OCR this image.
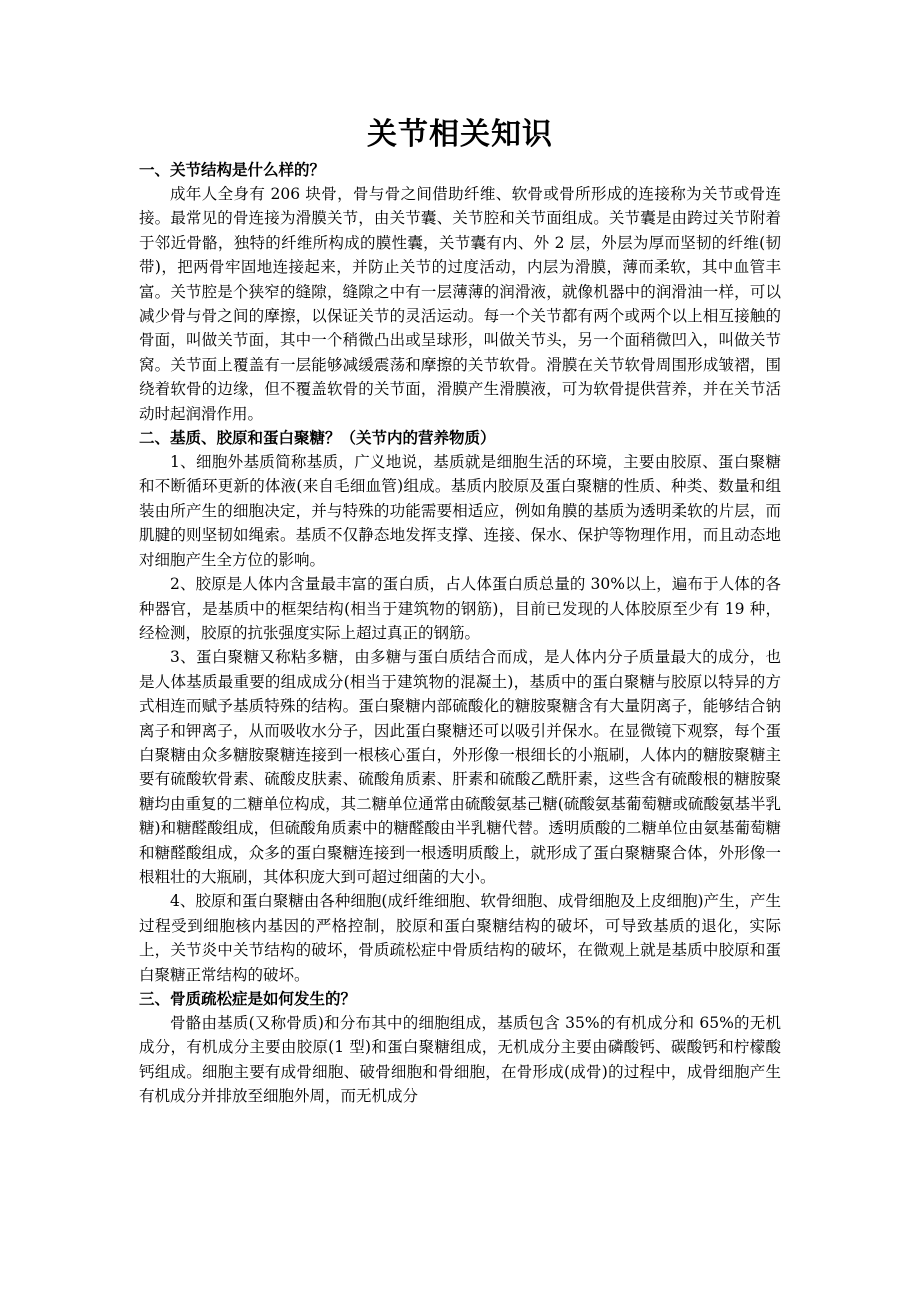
关节相关知识

一、关节结构是什么样的？

成年人全身有 206 块骨，骨与骨之间借助纤维、软骨或骨所形成的连接称为关节或骨连接。最常见的骨连接为滑膜关节，由关节囊、关节腔和关节面组成。关节囊是由跨过关节附着于邻近骨骼，独特的纤维所构成的膜性囊，关节囊有内、外 2 层，外层为厚而坚韧的纤维(韧带)，把两骨牢固地连接起来，并防止关节的过度活动，内层为滑膜，薄而柔软，其中血管丰富。关节腔是个狭窄的缝隙，缝隙之中有一层薄薄的润滑液，就像机器中的润滑油一样，可以减少骨与骨之间的摩擦，以保证关节的灵活运动。每一个关节都有两个或两个以上相互接触的骨面，叫做关节面，其中一个稍微凸出或呈球形，叫做关节头，另一个面稍微凹入，叫做关节窝。关节面上覆盖有一层能够减缓震荡和摩擦的关节软骨。滑膜在关节软骨周围形成皱褶，围绕着软骨的边缘，但不覆盖软骨的关节面，滑膜产生滑膜液，可为软骨提供营养，并在关节活动时起润滑作用。

二、基质、胶原和蛋白聚糖？（关节内的营养物质）

1、细胞外基质简称基质，广义地说，基质就是细胞生活的环境，主要由胶原、蛋白聚糖和不断循环更新的体液(来自毛细血管)组成。基质内胶原及蛋白聚糖的性质、种类、数量和组装由所产生的细胞决定，并与特殊的功能需要相适应，例如角膜的基质为透明柔软的片层，而肌腱的则坚韧如绳索。基质不仅静态地发挥支撑、连接、保水、保护等物理作用，而且动态地对细胞产生全方位的影响。

2、胶原是人体内含量最丰富的蛋白质，占人体蛋白质总量的 30%以上，遍布于人体的各种器官，是基质中的框架结构(相当于建筑物的钢筋)，目前已发现的人体胶原至少有 19 种，经检测，胶原的抗张强度实际上超过真正的钢筋。

3、蛋白聚糖又称粘多糖，由多糖与蛋白质结合而成，是人体内分子质量最大的成分，也是人体基质最重要的组成成分(相当于建筑物的混凝土)，基质中的蛋白聚糖与胶原以特异的方式相连而赋予基质特殊的结构。蛋白聚糖内部硫酸化的糖胺聚糖含有大量阴离子，能够结合钠离子和钾离子，从而吸收水分子，因此蛋白聚糖还可以吸引并保水。在显微镜下观察，每个蛋白聚糖由众多糖胺聚糖连接到一根核心蛋白，外形像一根细长的小瓶刷，人体内的糖胺聚糖主要有硫酸软骨素、硫酸皮肤素、硫酸角质素、肝素和硫酸乙酰肝素，这些含有硫酸根的糖胺聚糖均由重复的二糖单位构成，其二糖单位通常由硫酸氨基己糖(硫酸氨基葡萄糖或硫酸氨基半乳糖)和糖醛酸组成，但硫酸角质素中的糖醛酸由半乳糖代替。透明质酸的二糖单位由氨基葡萄糖和糖醛酸组成，众多的蛋白聚糖连接到一根透明质酸上，就形成了蛋白聚糖聚合体，外形像一根粗壮的大瓶刷，其体积庞大到可超过细菌的大小。

4、胶原和蛋白聚糖由各种细胞(成纤维细胞、软骨细胞、成骨细胞及上皮细胞)产生，产生过程受到细胞核内基因的严格控制，胶原和蛋白聚糖结构的破坏，可导致基质的退化，实际上，关节炎中关节结构的破坏，骨质疏松症中骨质结构的破坏，在微观上就是基质中胶原和蛋白聚糖正常结构的破坏。

三、骨质疏松症是如何发生的？

骨骼由基质(又称骨质)和分布其中的细胞组成，基质包含 35%的有机成分和 65%的无机成分，有机成分主要由胶原(1 型)和蛋白聚糖组成，无机成分主要由磷酸钙、碳酸钙和柠檬酸钙组成。细胞主要有成骨细胞、破骨细胞和骨细胞，在骨形成(成骨)的过程中，成骨细胞产生有机成分并排放至细胞外周，而无机成分
